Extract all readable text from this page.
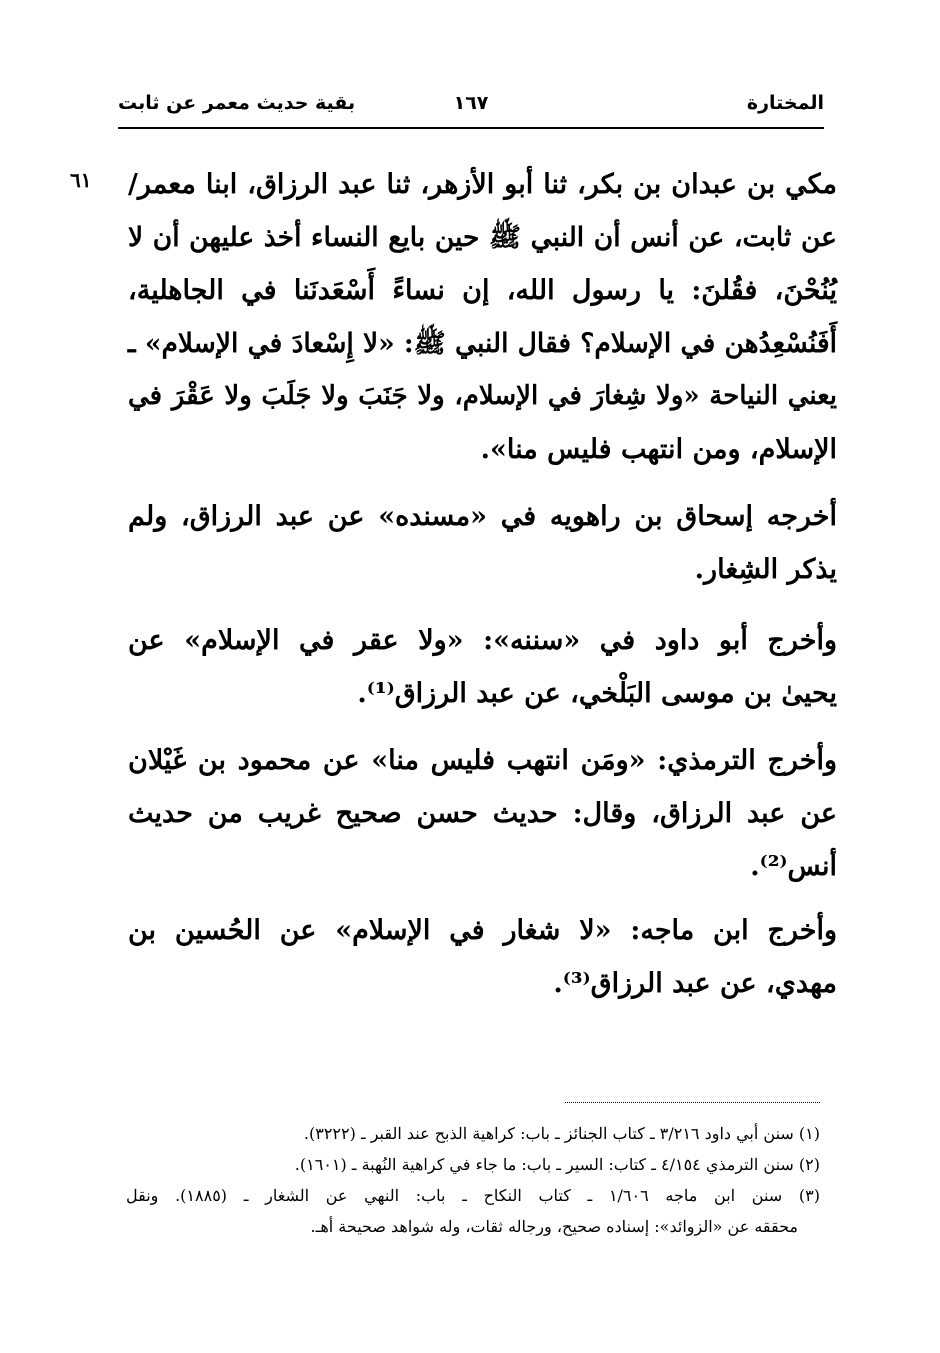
المختارة
١٦٧
بقية حديث معمر عن ثابت
٦١ مكي بن عبدان بن بكر، ثنا أبو الأزهر، ثنا عبد الرزاق، ابنا معمر/
عن ثابت، عن أنس أن النبي ﷺ حين بايع النساء أخذ عليهن أن لا
يُنُحْنَ، فقُلنَ: يا رسول الله، إن نساءً أَسْعَدنَنا في الجاهلية،
أَفَنُسْعِدُهن في الإسلام؟ فقال النبي ﷺ: «لا إِسْعادَ في الإسلام» ـ
يعني النياحة «ولا شِغارَ في الإسلام، ولا جَنَبَ ولا جَلَبَ ولا عَقْرَ في
الإسلام، ومن انتهب فليس منا».
أخرجه إسحاق بن راهويه في «مسنده» عن عبد الرزاق، ولم
يذكر الشِغار.
وأخرج أبو داود في «سننه»: «ولا عقر في الإسلام» عن
يحيىٰ بن موسى البَلْخي، عن عبد الرزاق⁽¹⁾.
وأخرج الترمذي: «ومَن انتهب فليس منا» عن محمود بن غَيْلان
عن عبد الرزاق، وقال: حديث حسن صحيح غريب من حديث
أنس⁽²⁾.
وأخرج ابن ماجه: «لا شغار في الإسلام» عن الحُسين بن
مهدي، عن عبد الرزاق⁽³⁾.
(١) سنن أبي داود ٣/٢١٦ ـ كتاب الجنائز ـ باب: كراهية الذبح عند القبر ـ (٣٢٢٢).
(٢) سنن الترمذي ٤/١٥٤ ـ كتاب: السير ـ باب: ما جاء في كراهية النُهبة ـ (١٦٠١).
(٣) سنن ابن ماجه ١/٦٠٦ ـ كتاب النكاح ـ باب: النهي عن الشغار ـ (١٨٨٥). ونقل
محققه عن «الزوائد»: إسناده صحيح، ورجاله ثقات، وله شواهد صحيحة أهـ.
